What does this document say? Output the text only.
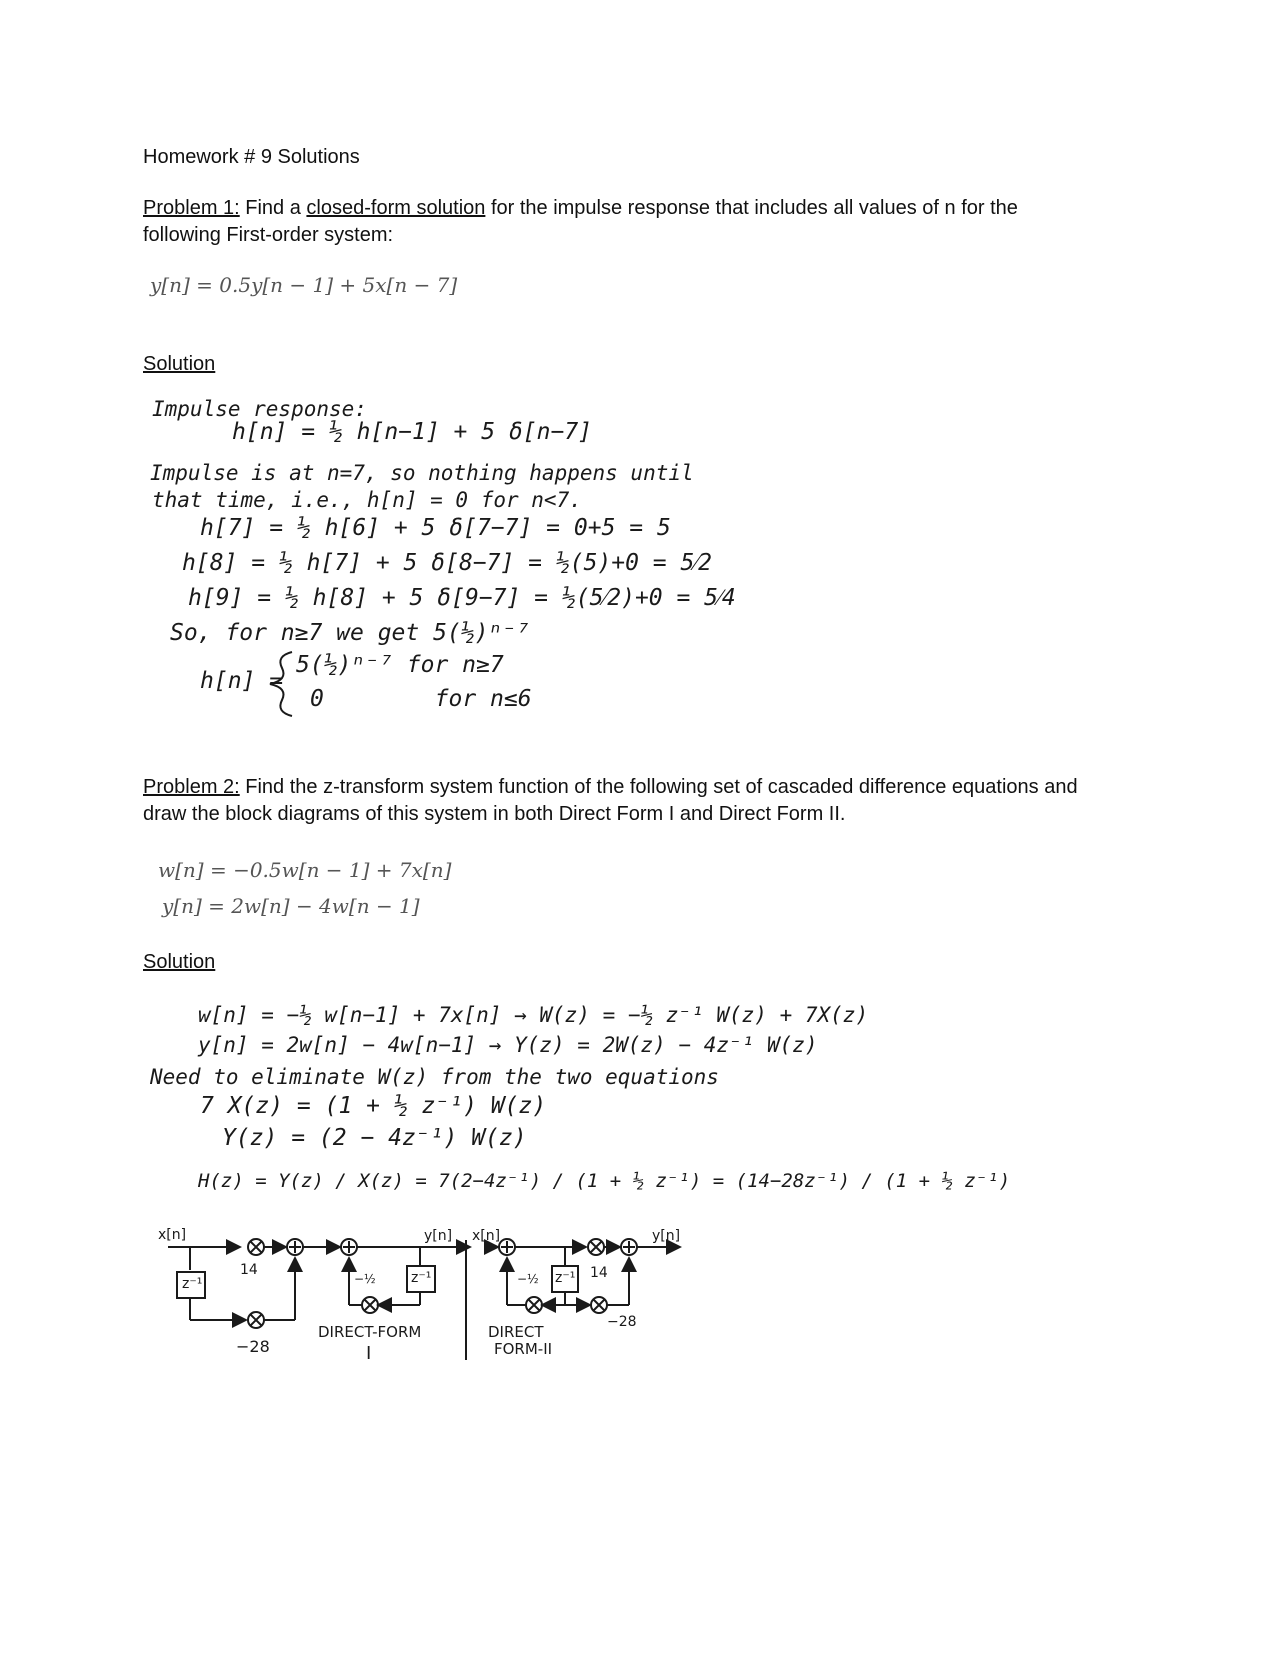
Homework # 9 Solutions
Problem 1: Find a closed-form solution for the impulse response that includes all values of n for the following First-order system:
y[n] = 0.5y[n − 1] + 5x[n − 7]
Solution
Impulse response:
h[n] = ½ h[n−1] + 5 δ[n−7]
Impulse is at n=7, so nothing happens until
that time, i.e., h[n] = 0 for n<7.
h[7] = ½ h[6] + 5 δ[7−7] = 0+5 = 5
h[8] = ½ h[7] + 5 δ[8−7] = ½(5)+0 = 5⁄2
h[9] = ½ h[8] + 5 δ[9−7] = ½(5⁄2)+0 = 5⁄4
So, for n≥7 we get 5(½)ⁿ⁻⁷
h[n] =
5(½)ⁿ⁻⁷ for n≥7
0        for n≤6
Problem 2: Find the z-transform system function of the following set of cascaded difference equations and draw the block diagrams of this system in both Direct Form I and Direct Form II.
w[n] = −0.5w[n − 1] + 7x[n]
y[n] = 2w[n] − 4w[n − 1]
Solution
w[n] = −½ w[n−1] + 7x[n] → W(z) = −½ z⁻¹ W(z) + 7X(z)
y[n] = 2w[n] − 4w[n−1] → Y(z) = 2W(z) − 4z⁻¹ W(z)
Need to eliminate W(z) from the two equations
7 X(z) = (1 + ½ z⁻¹) W(z)
Y(z) = (2 − 4z⁻¹) W(z)
H(z) = Y(z) / X(z) = 7(2−4z⁻¹) / (1 + ½ z⁻¹) = (14−28z⁻¹) / (1 + ½ z⁻¹)
x[n]	y[n]
z⁻¹	z⁻¹
14
−28
−½
DIRECT-FORM
I
x[n]	y[n]
z⁻¹ 14
−28
−½
DIRECT
FORM-II
